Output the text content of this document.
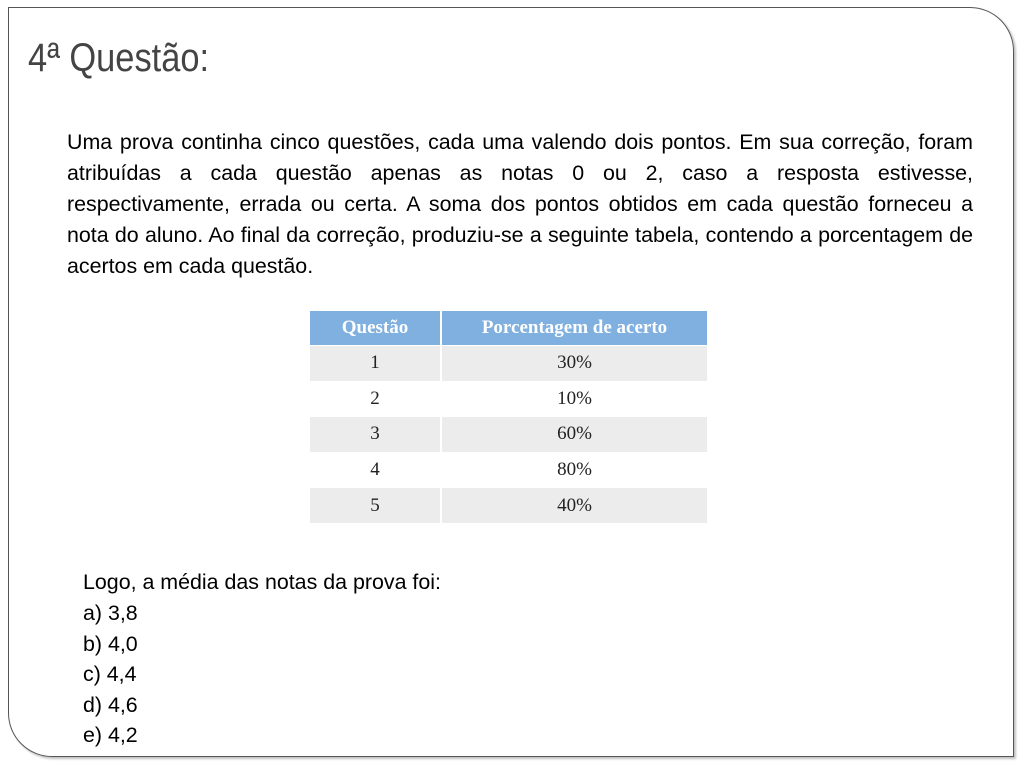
4ª Questão:

Uma prova continha cinco questões, cada uma valendo dois pontos. Em sua correção, foram atribuídas a cada questão apenas as notas 0 ou 2, caso a resposta estivesse, respectivamente, errada ou certa. A soma dos pontos obtidos em cada questão forneceu a nota do aluno. Ao final da correção, produziu-se a seguinte tabela, contendo a porcentagem de acertos em cada questão.

Questão	Porcentagem de acerto
1	30%
2	10%
3	60%
4	80%
5	40%

Logo, a média das notas da prova foi:

a) 3,8
b) 4,0
c) 4,4
d) 4,6
e) 4,2
